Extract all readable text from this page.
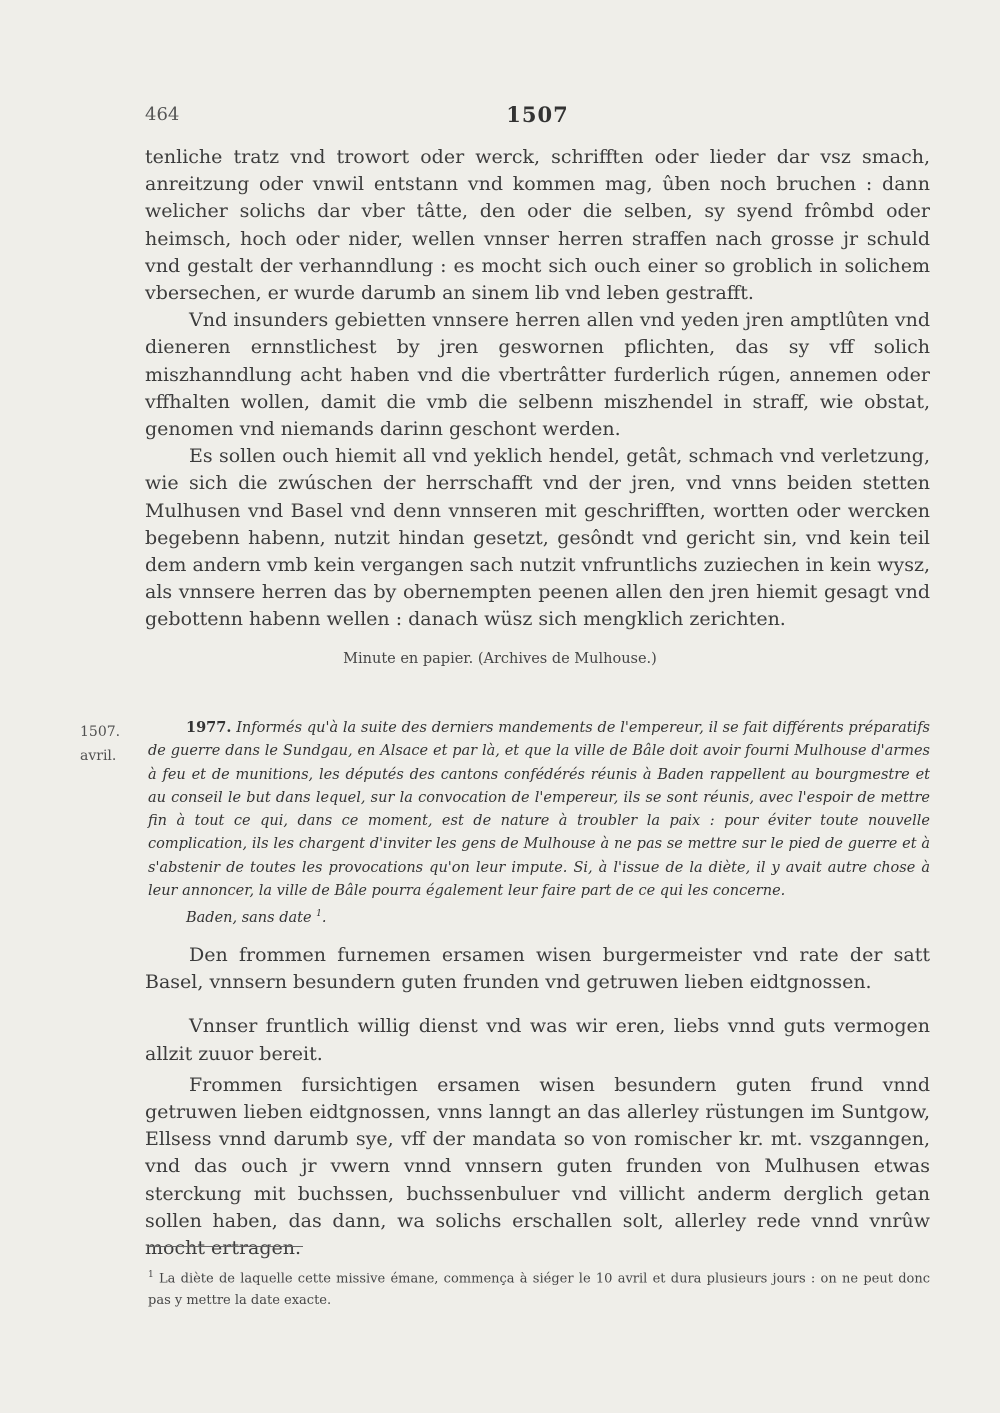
464	1507

tenliche tratz vnd trowort oder werck, schrifften oder lieder dar vsz smach, anreitzung oder vnwil entstann vnd kommen mag, ûben noch bruchen : dann welicher solichs dar vber tâtte, den oder die selben, sy syend frômbd oder heimsch, hoch oder nider, wellen vnnser herren straffen nach grosse jr schuld vnd gestalt der verhanndlung : es mocht sich ouch einer so groblich in solichem vbersechen, er wurde darumb an sinem lib vnd leben gestrafft.

Vnd insunders gebietten vnnsere herren allen vnd yeden jren amptlûten vnd dieneren ernnstlichest by jren geswornen pflichten, das sy vff solich miszhanndlung acht haben vnd die vbertrâtter furderlich rúgen, annemen oder vffhalten wollen, damit die vmb die selbenn miszhendel in straff, wie obstat, genomen vnd niemands darinn geschont werden.

Es sollen ouch hiemit all vnd yeklich hendel, getât, schmach vnd verletzung, wie sich die zwúschen der herrschafft vnd der jren, vnd vnns beiden stetten Mulhusen vnd Basel vnd denn vnnseren mit geschrifften, wortten oder wercken begebenn habenn, nutzit hindan gesetzt, gesôndt vnd gericht sin, vnd kein teil dem andern vmb kein vergangen sach nutzit vnfruntlichs zuziechen in kein wysz, als vnnsere herren das by obernempten peenen allen den jren hiemit gesagt vnd gebottenn habenn wellen : danach wüsz sich mengklich zerichten.

Minute en papier. (Archives de Mulhouse.)
1507.
avril.
1977. Informés qu'à la suite des derniers mandements de l'empereur, il se fait différents préparatifs de guerre dans le Sundgau, en Alsace et par là, et que la ville de Bâle doit avoir fourni Mulhouse d'armes à feu et de munitions, les députés des cantons confédérés réunis à Baden rappellent au bourgmestre et au conseil le but dans lequel, sur la convocation de l'empereur, ils se sont réunis, avec l'espoir de mettre fin à tout ce qui, dans ce moment, est de nature à troubler la paix : pour éviter toute nouvelle complication, ils les chargent d'inviter les gens de Mulhouse à ne pas se mettre sur le pied de guerre et à s'abstenir de toutes les provocations qu'on leur impute. Si, à l'issue de la diète, il y avait autre chose à leur annoncer, la ville de Bâle pourra également leur faire part de ce qui les concerne.
Baden, sans date $^1$.

Den frommen furnemen ersamen wisen burgermeister vnd rate der satt Basel, vnnsern besundern guten frunden vnd getruwen lieben eidtgnossen.

Vnnser fruntlich willig dienst vnd was wir eren, liebs vnnd guts vermogen allzit zuuor bereit.

Frommen fursichtigen ersamen wisen besundern guten frund vnnd getruwen lieben eidtgnossen, vnns lanngt an das allerley rüstungen im Suntgow, Ellsess vnnd darumb sye, vff der mandata so von romischer kr. mt. vszganngen, vnd das ouch jr vwern vnnd vnnsern guten frunden von Mulhusen etwas sterckung mit buchssen, buchssenbuluer vnd villicht anderm derglich getan sollen haben, das dann, wa solichs erschallen solt, allerley rede vnnd vnrûw mocht ertragen.

$^1$ La diète de laquelle cette missive émane, commença à siéger le 10 avril et dura plusieurs jours : on ne peut donc pas y mettre la date exacte.
